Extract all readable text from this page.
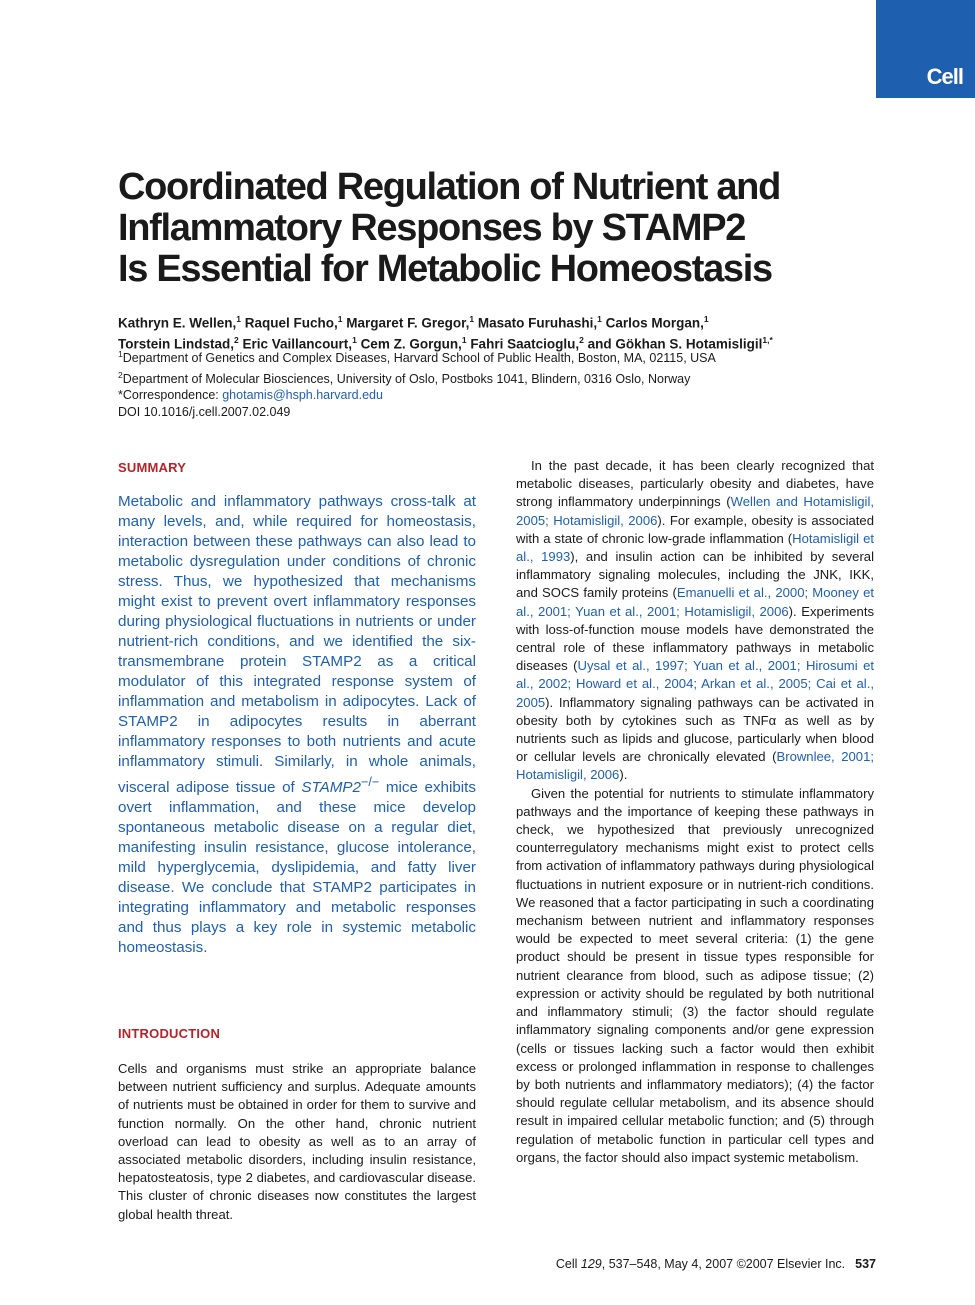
Cell
Coordinated Regulation of Nutrient and
Inflammatory Responses by STAMP2
Is Essential for Metabolic Homeostasis
Kathryn E. Wellen,$^1$ Raquel Fucho,$^1$ Margaret F. Gregor,$^1$ Masato Furuhashi,$^1$ Carlos Morgan,$^1$
Torstein Lindstad,$^2$ Eric Vaillancourt,$^1$ Cem Z. Gorgun,$^1$ Fahri Saatcioglu,$^2$ and Gökhan S. Hotamisligil$^{1,*}$
$^1$Department of Genetics and Complex Diseases, Harvard School of Public Health, Boston, MA, 02115, USA
$^2$Department of Molecular Biosciences, University of Oslo, Postboks 1041, Blindern, 0316 Oslo, Norway
*Correspondence: ghotamis@hsph.harvard.edu
DOI 10.1016/j.cell.2007.02.049
SUMMARY

Metabolic and inflammatory pathways cross-talk at many levels, and, while required for homeostasis, interaction between these pathways can also lead to metabolic dysregulation under conditions of chronic stress. Thus, we hypothesized that mechanisms might exist to prevent overt inflammatory responses during physiological fluctuations in nutrients or under nutrient-rich conditions, and we identified the six-transmembrane protein STAMP2 as a critical modulator of this integrated response system of inflammation and metabolism in adipocytes. Lack of STAMP2 in adipocytes results in aberrant inflammatory responses to both nutrients and acute inflammatory stimuli. Similarly, in whole animals, visceral adipose tissue of STAMP2−/− mice exhibits overt inflammation, and these mice develop spontaneous metabolic disease on a regular diet, manifesting insulin resistance, glucose intolerance, mild hyperglycemia, dyslipidemia, and fatty liver disease. We conclude that STAMP2 participates in integrating inflammatory and metabolic responses and thus plays a key role in systemic metabolic homeostasis.

INTRODUCTION

Cells and organisms must strike an appropriate balance between nutrient sufficiency and surplus. Adequate amounts of nutrients must be obtained in order for them to survive and function normally. On the other hand, chronic nutrient overload can lead to obesity as well as to an array of associated metabolic disorders, including insulin resistance, hepatosteatosis, type 2 diabetes, and cardiovascular disease. This cluster of chronic diseases now constitutes the largest global health threat.

In the past decade, it has been clearly recognized that metabolic diseases, particularly obesity and diabetes, have strong inflammatory underpinnings (Wellen and Hotamisligil, 2005; Hotamisligil, 2006). For example, obesity is associated with a state of chronic low-grade inflammation (Hotamisligil et al., 1993), and insulin action can be inhibited by several inflammatory signaling molecules, including the JNK, IKK, and SOCS family proteins (Emanuelli et al., 2000; Mooney et al., 2001; Yuan et al., 2001; Hotamisligil, 2006). Experiments with loss-of-function mouse models have demonstrated the central role of these inflammatory pathways in metabolic diseases (Uysal et al., 1997; Yuan et al., 2001; Hirosumi et al., 2002; Howard et al., 2004; Arkan et al., 2005; Cai et al., 2005). Inflammatory signaling pathways can be activated in obesity both by cytokines such as TNFα as well as by nutrients such as lipids and glucose, particularly when blood or cellular levels are chronically elevated (Brownlee, 2001; Hotamisligil, 2006).

Given the potential for nutrients to stimulate inflammatory pathways and the importance of keeping these pathways in check, we hypothesized that previously unrecognized counterregulatory mechanisms might exist to protect cells from activation of inflammatory pathways during physiological fluctuations in nutrient exposure or in nutrient-rich conditions. We reasoned that a factor participating in such a coordinating mechanism between nutrient and inflammatory responses would be expected to meet several criteria: (1) the gene product should be present in tissue types responsible for nutrient clearance from blood, such as adipose tissue; (2) expression or activity should be regulated by both nutritional and inflammatory stimuli; (3) the factor should regulate inflammatory signaling components and/or gene expression (cells or tissues lacking such a factor would then exhibit excess or prolonged inflammation in response to challenges by both nutrients and inflammatory mediators); (4) the factor should regulate cellular metabolism, and its absence should result in impaired cellular metabolic function; and (5) through regulation of metabolic function in particular cell types and organs, the factor should also impact systemic metabolism.

Cell 129, 537–548, May 4, 2007 ©2007 Elsevier Inc. 537
